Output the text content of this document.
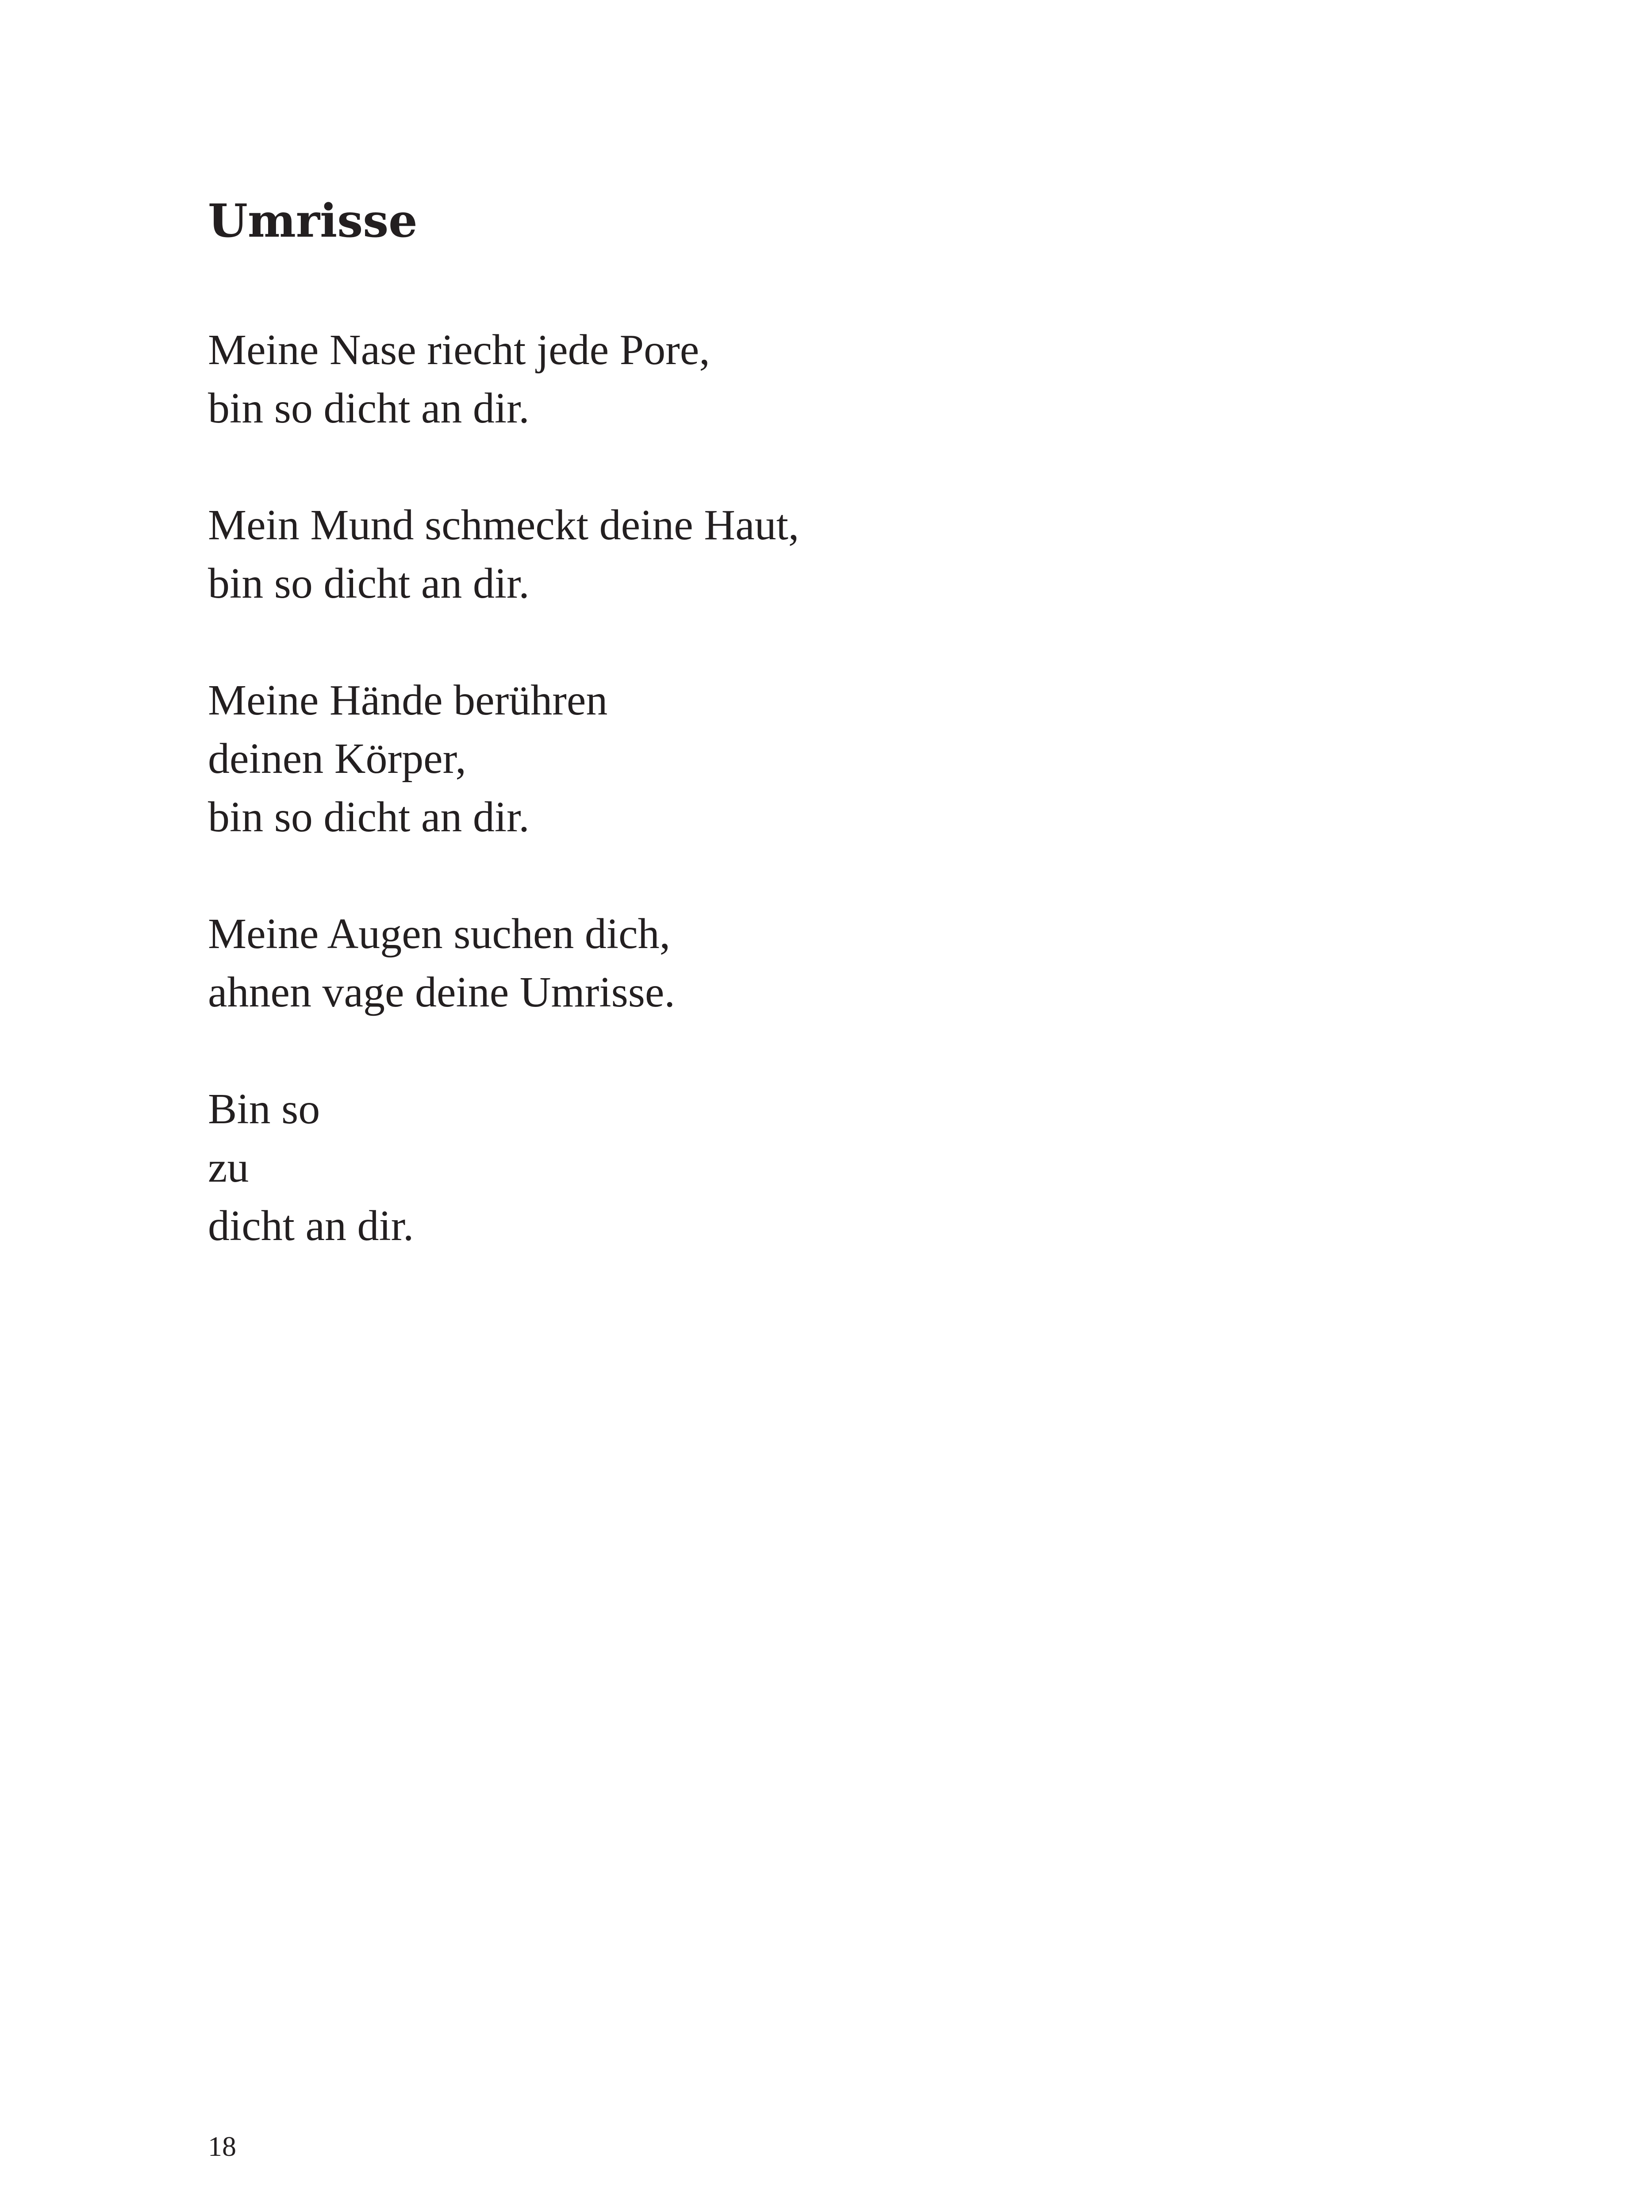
Umrisse

Meine Nase riecht jede Pore,
bin so dicht an dir.

Mein Mund schmeckt deine Haut,
bin so dicht an dir.

Meine Hände berühren
deinen Körper,
bin so dicht an dir.

Meine Augen suchen dich,
ahnen vage deine Umrisse.

Bin so
zu
dicht an dir.

18
